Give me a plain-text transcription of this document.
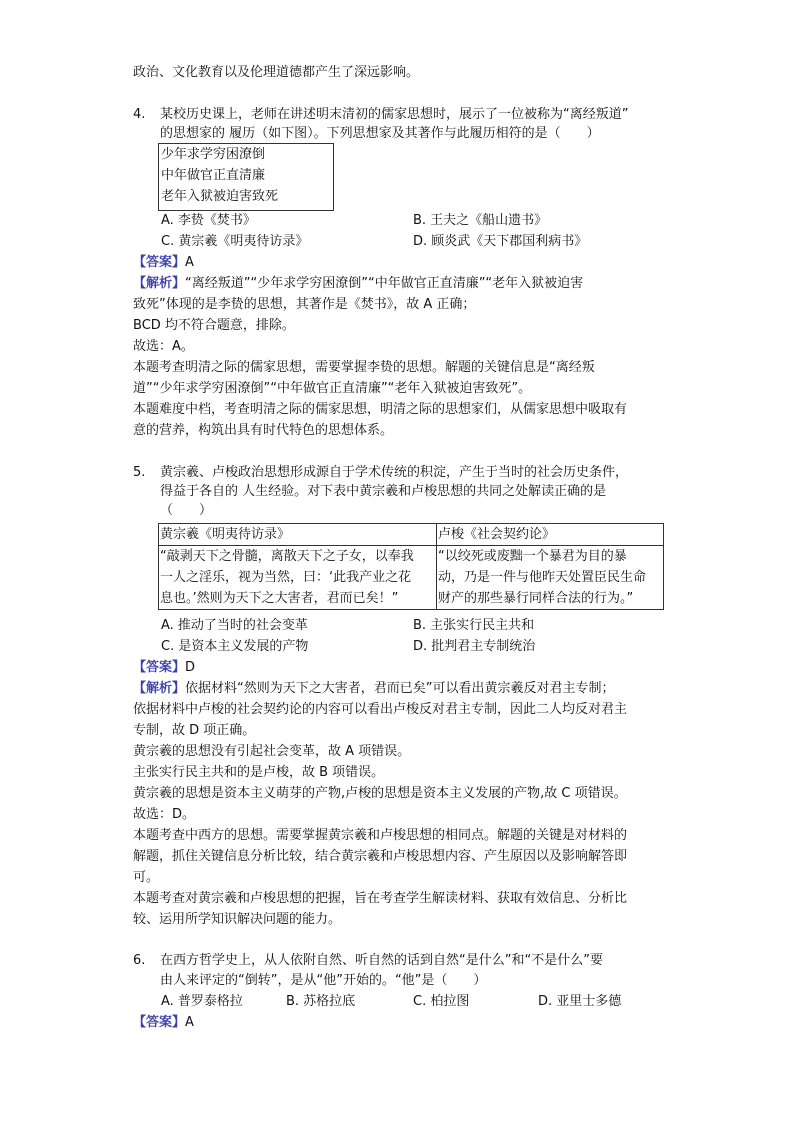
政治、文化教育以及伦理道德都产生了深远影响。
4.	某校历史课上，老师在讲述明末清初的儒家思想时，展示了一位被称为“离经叛道”
的思想家的 履历（如下图）。下列思想家及其著作与此履历相符的是（　　）
少年求学穷困潦倒
中年做官正直清廉
老年入狱被迫害致死
A. 李贽《焚书》	B. 王夫之《船山遗书》
C. 黄宗羲《明夷待访录》	D. 顾炎武《天下郡国利病书》
【答案】A
【解析】“离经叛道”“少年求学穷困潦倒”“中年做官正直清廉”“老年入狱被迫害
致死”体现的是李贽的思想，其著作是《焚书》，故 A 正确；
BCD 均不符合题意，排除。
故选：A。
本题考查明清之际的儒家思想，需要掌握李贽的思想。解题的关键信息是“离经叛
道”“少年求学穷困潦倒”“中年做官正直清廉”“老年入狱被迫害致死”。
本题难度中档，考查明清之际的儒家思想，明清之际的思想家们，从儒家思想中吸取有
意的营养，构筑出具有时代特色的思想体系。
5.	黄宗羲、卢梭政治思想形成源自于学术传统的积淀，产生于当时的社会历史条件，
得益于各自的 人生经验。对下表中黄宗羲和卢梭思想的共同之处解读正确的是
（　　）
黄宗羲《明夷待访录》	卢梭《社会契约论》

“敲剥天下之骨髓，离散天下之子女，以奉我
一人之淫乐，视为当然，曰：‘此我产业之花
息也。’然则为天下之大害者，君而已矣！”	“以绞死或废黜一个暴君为目的暴
动，乃是一件与他昨天处置臣民生命
财产的那些暴行同样合法的行为。”
A. 推动了当时的社会变革	B. 主张实行民主共和
C. 是资本主义发展的产物	D. 批判君主专制统治
【答案】D
【解析】依据材料“然则为天下之大害者，君而已矣”可以看出黄宗羲反对君主专制；
依据材料中卢梭的社会契约论的内容可以看出卢梭反对君主专制，因此二人均反对君主
专制，故 D 项正确。
黄宗羲的思想没有引起社会变革，故 A 项错误。
主张实行民主共和的是卢梭，故 B 项错误。
黄宗羲的思想是资本主义萌芽的产物,卢梭的思想是资本主义发展的产物,故 C 项错误。
故选：D。
本题考查中西方的思想。需要掌握黄宗羲和卢梭思想的相同点。解题的关键是对材料的
解题，抓住关键信息分析比较，结合黄宗羲和卢梭思想内容、产生原因以及影响解答即
可。
本题考查对黄宗羲和卢梭思想的把握，旨在考查学生解读材料、获取有效信息、分析比
较、运用所学知识解决问题的能力。
6.	在西方哲学史上，从人依附自然、听自然的话到自然“是什么”和“不是什么”要
由人来评定的“倒转”，是从“他”开始的。“他”是（　　）
A. 普罗泰格拉	B. 苏格拉底	C. 柏拉图	D. 亚里士多德
【答案】A
